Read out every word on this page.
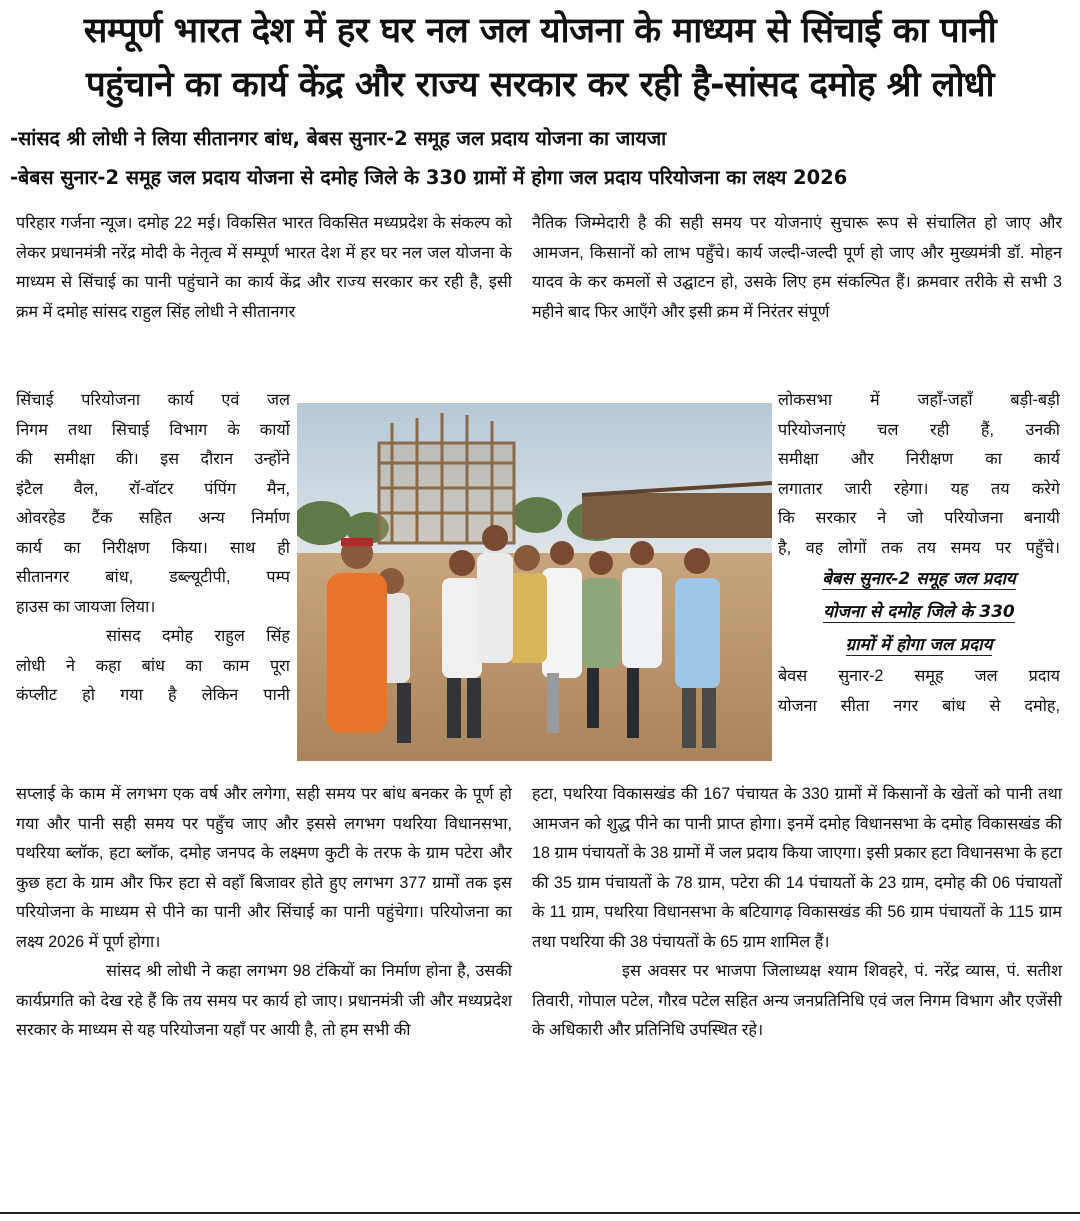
सम्पूर्ण भारत देश में हर घर नल जल योजना के माध्यम से सिंचाई का पानी
पहुंचाने का कार्य केंद्र और राज्य सरकार कर रही है-सांसद दमोह श्री लोधी
-सांसद श्री लोधी ने लिया सीतानगर बांध, बेबस सुनार-2 समूह जल प्रदाय योजना का जायजा
-बेबस सुनार-2 समूह जल प्रदाय योजना से दमोह जिले के 330 ग्रामों में होगा जल प्रदाय परियोजना का लक्ष्य 2026

परिहार गर्जना न्यूज। दमोह 22 मई। विकसित भारत विकसित मध्यप्रदेश के संकल्प को लेकर प्रधानमंत्री नरेंद्र मोदी के नेतृत्व में सम्पूर्ण भारत देश में हर घर नल जल योजना के माध्यम से सिंचाई का पानी पहुंचाने का कार्य केंद्र और राज्य सरकार कर रही है, इसी क्रम में दमोह सांसद राहुल सिंह लोधी ने सीतानगर

सिंचाई परियोजना कार्य एवं जल
निगम तथा सिचाई विभाग के कार्यो
की समीक्षा की। इस दौरान उन्होंने
इंटैल वैल, रॉ-वॉटर पंपिंग मैन,
ओवरहेड टैंक सहित अन्य निर्माण
कार्य का निरीक्षण किया। साथ ही
सीतानगर बांध, डब्ल्यूटीपी, पम्प
हाउस का जायजा लिया।
सांसद दमोह राहुल सिंह
लोधी ने कहा बांध का काम पूरा
कंप्लीट हो गया है लेकिन पानी

सप्लाई के काम में लगभग एक वर्ष और लगेगा, सही समय पर बांध बनकर के पूर्ण हो गया और पानी सही समय पर पहुँच जाए और इससे लगभग पथरिया विधानसभा, पथरिया ब्लॉक, हटा ब्लॉक, दमोह जनपद के लक्ष्मण कुटी के तरफ के ग्राम पटेरा और कुछ हटा के ग्राम और फिर हटा से वहाँ बिजावर होते हुए लगभग 377 ग्रामों तक इस परियोजना के माध्यम से पीने का पानी और सिंचाई का पानी पहुंचेगा। परियोजना का लक्ष्य 2026 में पूर्ण होगा।

सांसद श्री लोधी ने कहा लगभग 98 टंकियों का निर्माण होना है, उसकी कार्यप्रगति को देख रहे हैं कि तय समय पर कार्य हो जाए। प्रधानमंत्री जी और मध्यप्रदेश सरकार के माध्यम से यह परियोजना यहाँ पर आयी है, तो हम सभी की

नैतिक जिम्मेदारी है की सही समय पर योजनाएं सुचारू रूप से संचालित हो जाए और आमजन, किसानों को लाभ पहुँचे। कार्य जल्दी-जल्दी पूर्ण हो जाए और मुख्यमंत्री डॉ. मोहन यादव के कर कमलों से उद्घाटन हो, उसके लिए हम संकल्पित हैं। क्रमवार तरीके से सभी 3 महीने बाद फिर आएँगे और इसी क्रम में निरंतर संपूर्ण

लोकसभा में जहाँ-जहाँ बड़ी-बड़ी
परियोजनाएं चल रही हैं, उनकी
समीक्षा और निरीक्षण का कार्य
लगातार जारी रहेगा। यह तय करेगे
कि सरकार ने जो परियोजना बनायी
है, वह लोगों तक तय समय पर पहुँचे।
बेबस सुनार-2 समूह जल प्रदाय
योजना से दमोह जिले के 330
ग्रामों में होगा जल प्रदाय
बेवस सुनार-2 समूह जल प्रदाय
योजना सीता नगर बांध से दमोह,

हटा, पथरिया विकासखंड की 167 पंचायत के 330 ग्रामों में किसानों के खेतों को पानी तथा आमजन को शुद्ध पीने का पानी प्राप्त होगा। इनमें दमोह विधानसभा के दमोह विकासखंड की 18 ग्राम पंचायतों के 38 ग्रामों में जल प्रदाय किया जाएगा। इसी प्रकार हटा विधानसभा के हटा की 35 ग्राम पंचायतों के 78 ग्राम, पटेरा की 14 पंचायतों के 23 ग्राम, दमोह की 06 पंचायतों के 11 ग्राम, पथरिया विधानसभा के बटियागढ़ विकासखंड की 56 ग्राम पंचायतों के 115 ग्राम तथा पथरिया की 38 पंचायतों के 65 ग्राम शामिल हैं।

इस अवसर पर भाजपा जिलाध्यक्ष श्याम शिवहरे, पं. नरेंद्र व्यास, पं. सतीश तिवारी, गोपाल पटेल, गौरव पटेल सहित अन्य जनप्रतिनिधि एवं जल निगम विभाग और एजेंसी के अधिकारी और प्रतिनिधि उपस्थित रहे।
